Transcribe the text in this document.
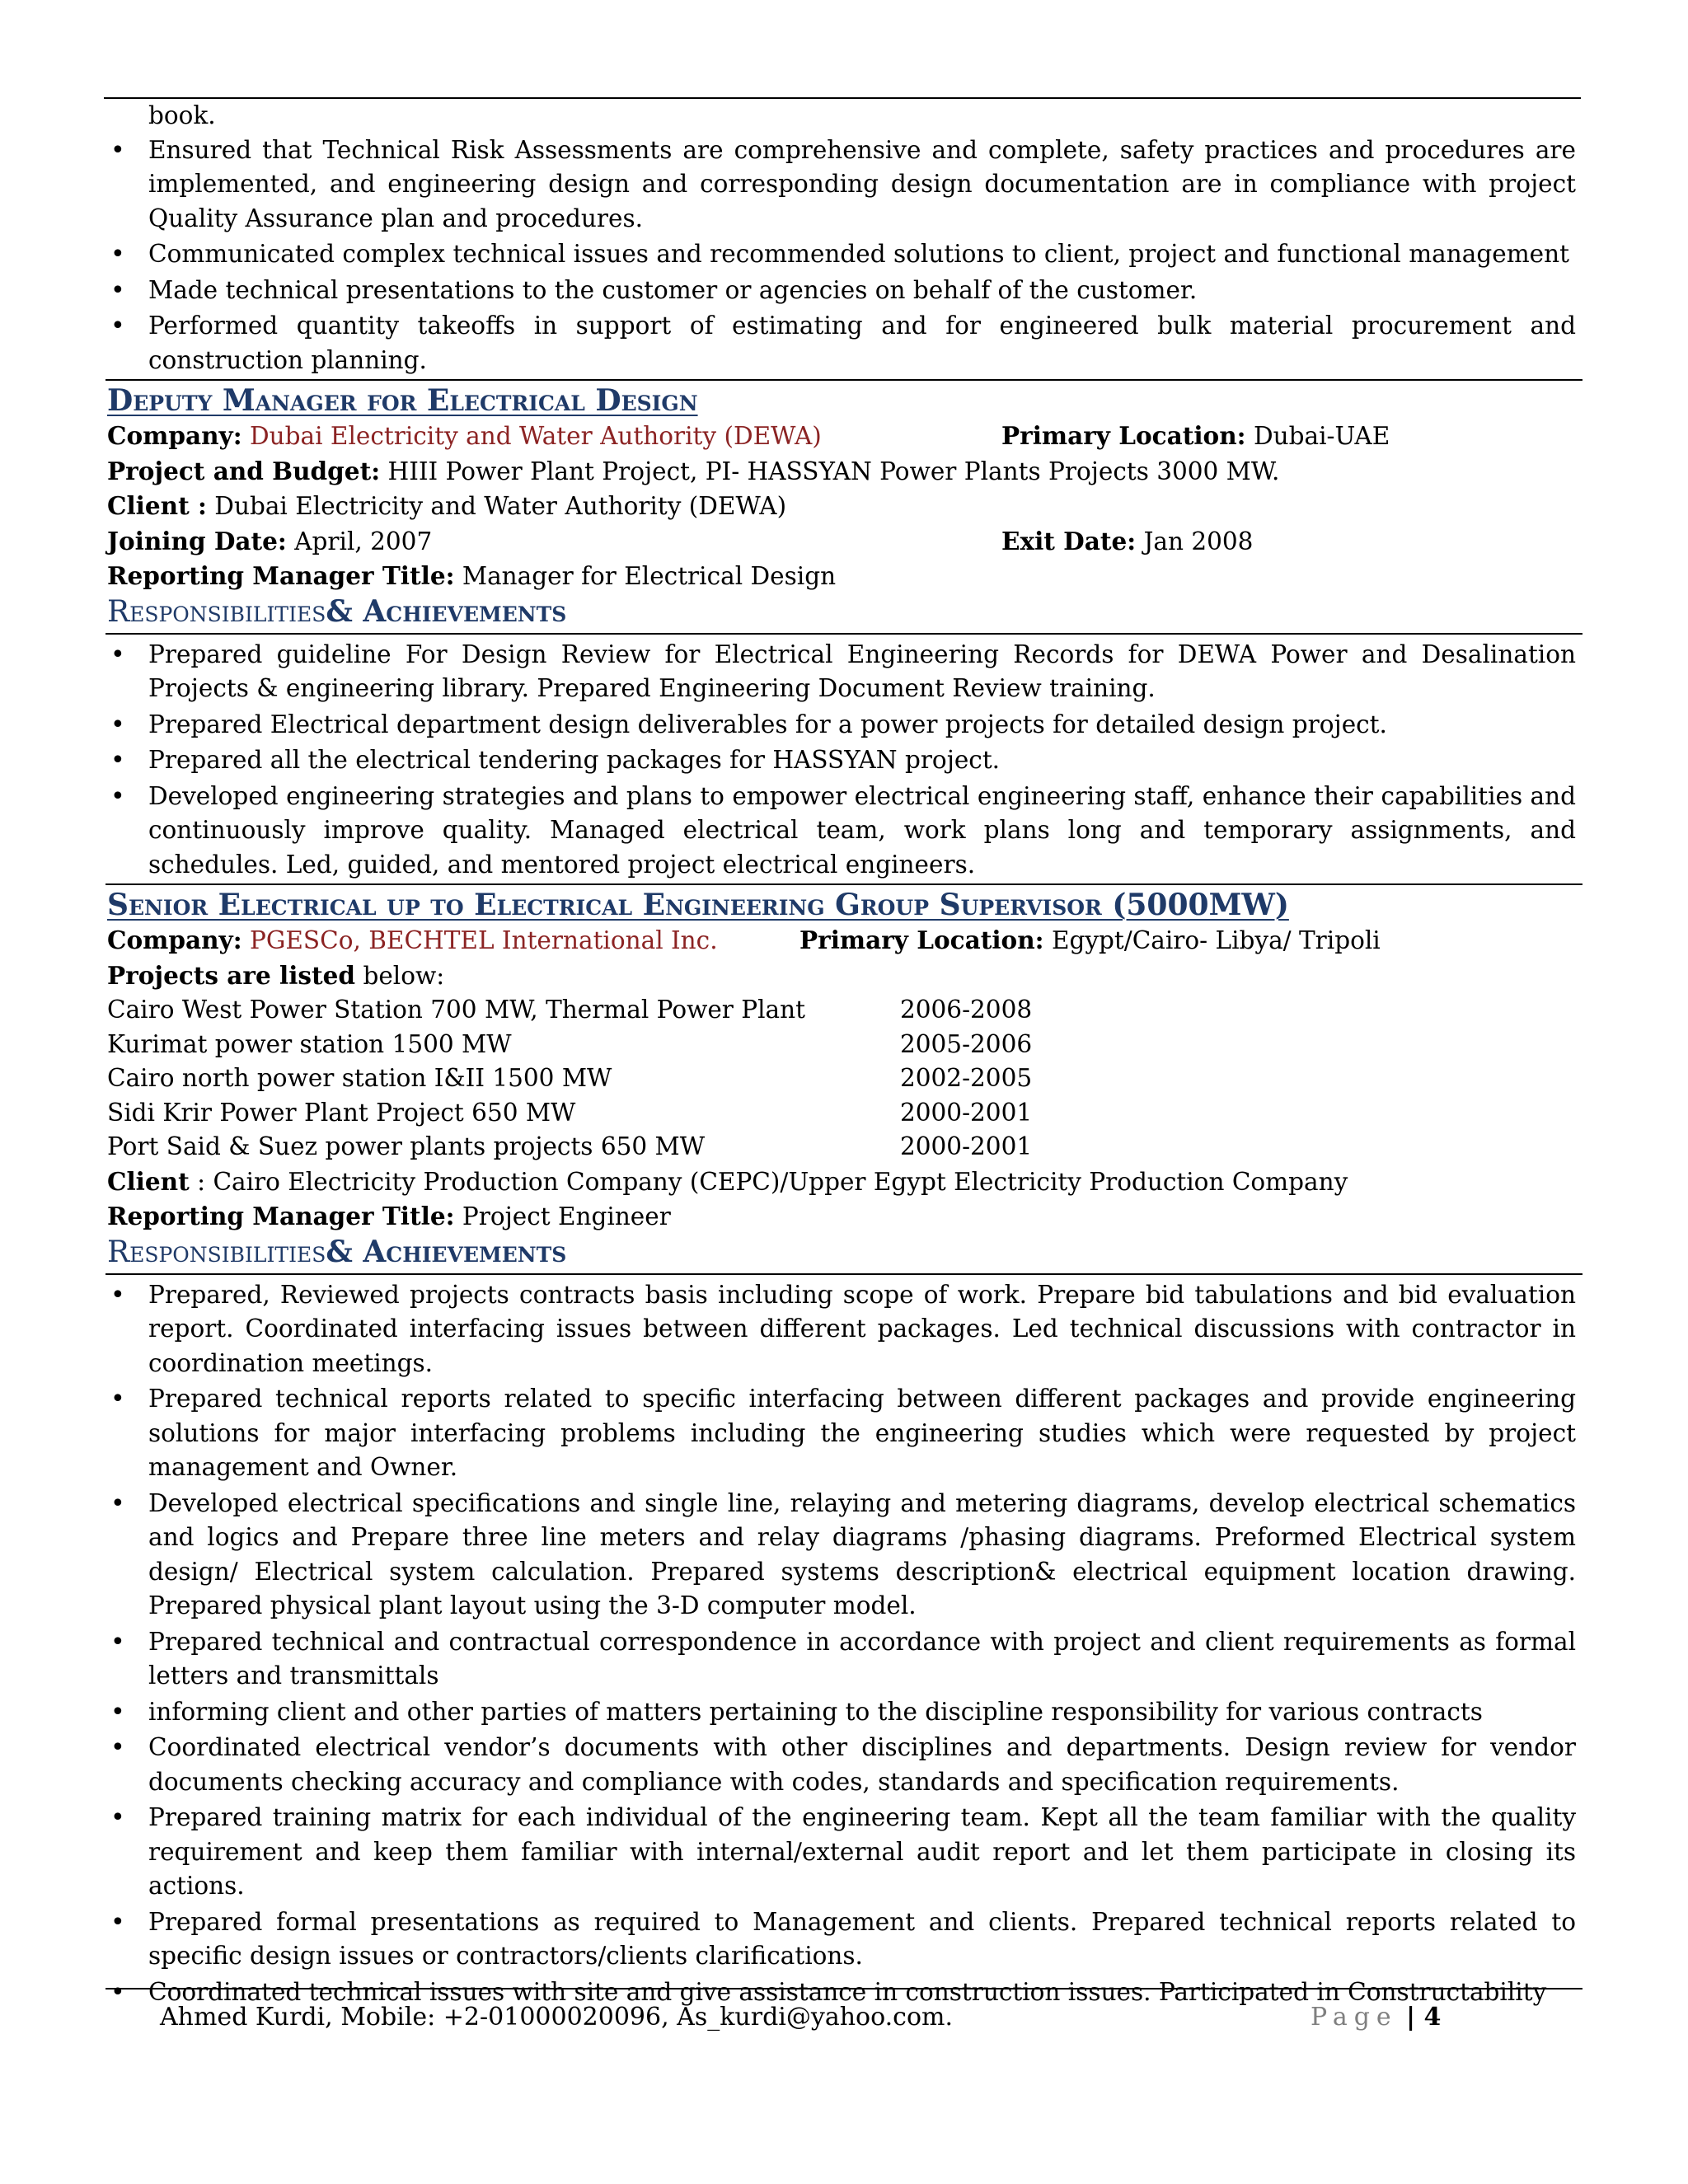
book.
• Ensured that Technical Risk Assessments are comprehensive and complete, safety practices and procedures are implemented, and engineering design and corresponding design documentation are in compliance with project Quality Assurance plan and procedures.
• Communicated complex technical issues and recommended solutions to client, project and functional management
• Made technical presentations to the customer or agencies on behalf of the customer.
• Performed quantity takeoffs in support of estimating and for engineered bulk material procurement and construction planning.
Deputy Manager for Electrical Design
Company: Dubai Electricity and Water Authority (DEWA)	Primary Location: Dubai-UAE
Project and Budget: HIII Power Plant Project, PI- HASSYAN Power Plants Projects 3000 MW.
Client : Dubai Electricity and Water Authority (DEWA)
Joining Date: April, 2007	Exit Date: Jan 2008
Reporting Manager Title: Manager for Electrical Design
Responsibilities& Achievements
• Prepared guideline For Design Review for Electrical Engineering Records for DEWA Power and Desalination Projects & engineering library. Prepared Engineering Document Review training.
• Prepared Electrical department design deliverables for a power projects for detailed design project.
• Prepared all the electrical tendering packages for HASSYAN project.
• Developed engineering strategies and plans to empower electrical engineering staff, enhance their capabilities and continuously improve quality. Managed electrical team, work plans long and temporary assignments, and schedules. Led, guided, and mentored project electrical engineers.
Senior Electrical up to Electrical Engineering Group Supervisor (5000MW)
Company: PGESCo, BECHTEL International Inc.	Primary Location: Egypt/Cairo- Libya/ Tripoli
Projects are listed below:
Cairo West Power Station 700 MW, Thermal Power Plant	2006-2008
Kurimat power station 1500 MW	2005-2006
Cairo north power station I&II 1500 MW	2002-2005
Sidi Krir Power Plant Project 650 MW	2000-2001
Port Said & Suez power plants projects 650 MW	2000-2001
Client : Cairo Electricity Production Company (CEPC)/Upper Egypt Electricity Production Company
Reporting Manager Title: Project Engineer
Responsibilities& Achievements
• Prepared, Reviewed projects contracts basis including scope of work. Prepare bid tabulations and bid evaluation report. Coordinated interfacing issues between different packages. Led technical discussions with contractor in coordination meetings.
• Prepared technical reports related to specific interfacing between different packages and provide engineering solutions for major interfacing problems including the engineering studies which were requested by project management and Owner.
• Developed electrical specifications and single line, relaying and metering diagrams, develop electrical schematics and logics and Prepare three line meters and relay diagrams /phasing diagrams. Preformed Electrical system design/ Electrical system calculation. Prepared systems description& electrical equipment location drawing. Prepared physical plant layout using the 3-D computer model.
• Prepared technical and contractual correspondence in accordance with project and client requirements as formal letters and transmittals
• informing client and other parties of matters pertaining to the discipline responsibility for various contracts
• Coordinated electrical vendor’s documents with other disciplines and departments. Design review for vendor documents checking accuracy and compliance with codes, standards and specification requirements.
• Prepared training matrix for each individual of the engineering team. Kept all the team familiar with the quality requirement and keep them familiar with internal/external audit report and let them participate in closing its actions.
• Prepared formal presentations as required to Management and clients. Prepared technical reports related to specific design issues or contractors/clients clarifications.
• Coordinated technical issues with site and give assistance in construction issues. Participated in Constructability
Ahmed Kurdi, Mobile: +2-01000020096, As_kurdi@yahoo.com.	Page | 4
